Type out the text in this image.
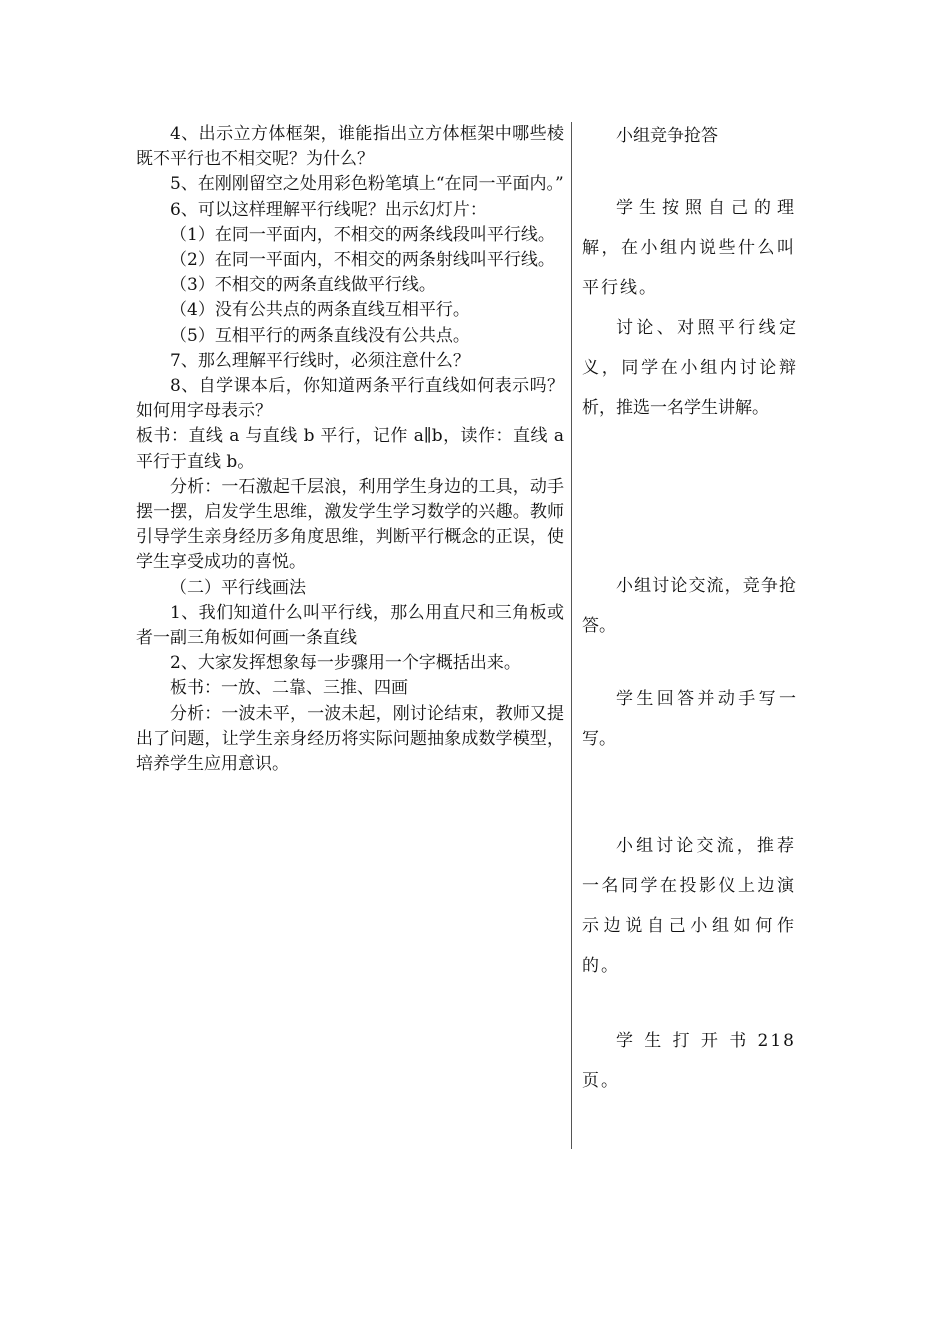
4、出示立方体框架，谁能指出立方体框架中哪些棱既不平行也不相交呢？为什么？

5、在刚刚留空之处用彩色粉笔填上“在同一平面内。”

6、可以这样理解平行线呢？出示幻灯片：

（1）在同一平面内，不相交的两条线段叫平行线。

（2）在同一平面内，不相交的两条射线叫平行线。

（3）不相交的两条直线做平行线。

（4）没有公共点的两条直线互相平行。

（5）互相平行的两条直线没有公共点。

7、那么理解平行线时，必须注意什么？

8、自学课本后，你知道两条平行直线如何表示吗？如何用字母表示？

板书：直线 a 与直线 b 平行，记作 a∥b，读作：直线 a 平行于直线 b。

分析：一石激起千层浪，利用学生身边的工具，动手摆一摆，启发学生思维，激发学生学习数学的兴趣。教师引导学生亲身经历多角度思维，判断平行概念的正误，使学生享受成功的喜悦。

（二）平行线画法

1、我们知道什么叫平行线，那么用直尺和三角板或者一副三角板如何画一条直线

2、大家发挥想象每一步骤用一个字概括出来。

板书：一放、二靠、三推、四画

分析：一波未平，一波未起，刚讨论结束，教师又提出了问题，让学生亲身经历将实际问题抽象成数学模型，培养学生应用意识。

小组竞争抢答

学生按照自己的理解，在小组内说些什么叫平行线。

讨论、对照平行线定义，同学在小组内讨论辩析，推选一名学生讲解。

小组讨论交流，竞争抢答。

学生回答并动手写一写。

小组讨论交流，推荐一名同学在投影仪上边演示边说自己小组如何作的。

学 生 打 开 书 218 页。
